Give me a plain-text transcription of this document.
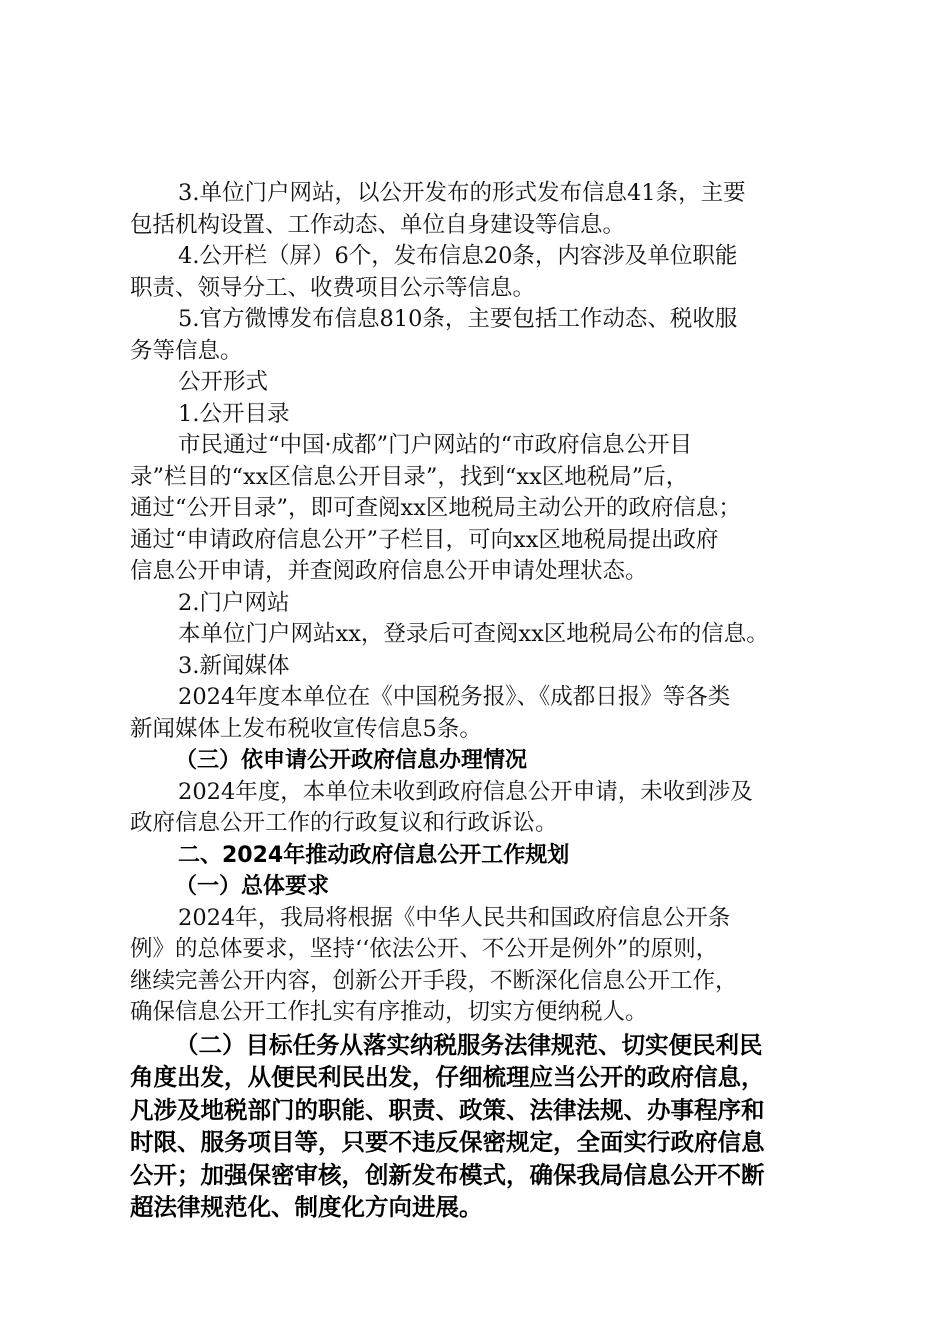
3.单位门户网站，以公开发布的形式发布信息41条，主要
包括机构设置、工作动态、单位自身建设等信息。
4.公开栏（屏）6个，发布信息20条，内容涉及单位职能
职责、领导分工、收费项目公示等信息。
5.官方微博发布信息810条，主要包括工作动态、税收服
务等信息。
公开形式
1.公开目录
市民通过“中国·成都”门户网站的“市政府信息公开目
录”栏目的“xx区信息公开目录”，找到“xx区地税局”后，
通过“公开目录”，即可查阅xx区地税局主动公开的政府信息；
通过“申请政府信息公开”子栏目，可向xx区地税局提出政府
信息公开申请，并查阅政府信息公开申请处理状态。
2.门户网站
本单位门户网站xx，登录后可查阅xx区地税局公布的信息。
3.新闻媒体
2024年度本单位在《中国税务报》、《成都日报》等各类
新闻媒体上发布税收宣传信息5条。
（三）依申请公开政府信息办理情况
2024年度，本单位未收到政府信息公开申请，未收到涉及
政府信息公开工作的行政复议和行政诉讼。
二、2024年推动政府信息公开工作规划
（一）总体要求
2024年，我局将根据《中华人民共和国政府信息公开条
例》的总体要求，坚持‘‘依法公开、不公开是例外”的原则，
继续完善公开内容，创新公开手段，不断深化信息公开工作，
确保信息公开工作扎实有序推动，切实方便纳税人。
（二）目标任务从落实纳税服务法律规范、切实便民利民
角度出发，从便民利民出发，仔细梳理应当公开的政府信息，
凡涉及地税部门的职能、职责、政策、法律法规、办事程序和
时限、服务项目等，只要不违反保密规定，全面实行政府信息
公开；加强保密审核，创新发布模式，确保我局信息公开不断
超法律规范化、制度化方向进展。
